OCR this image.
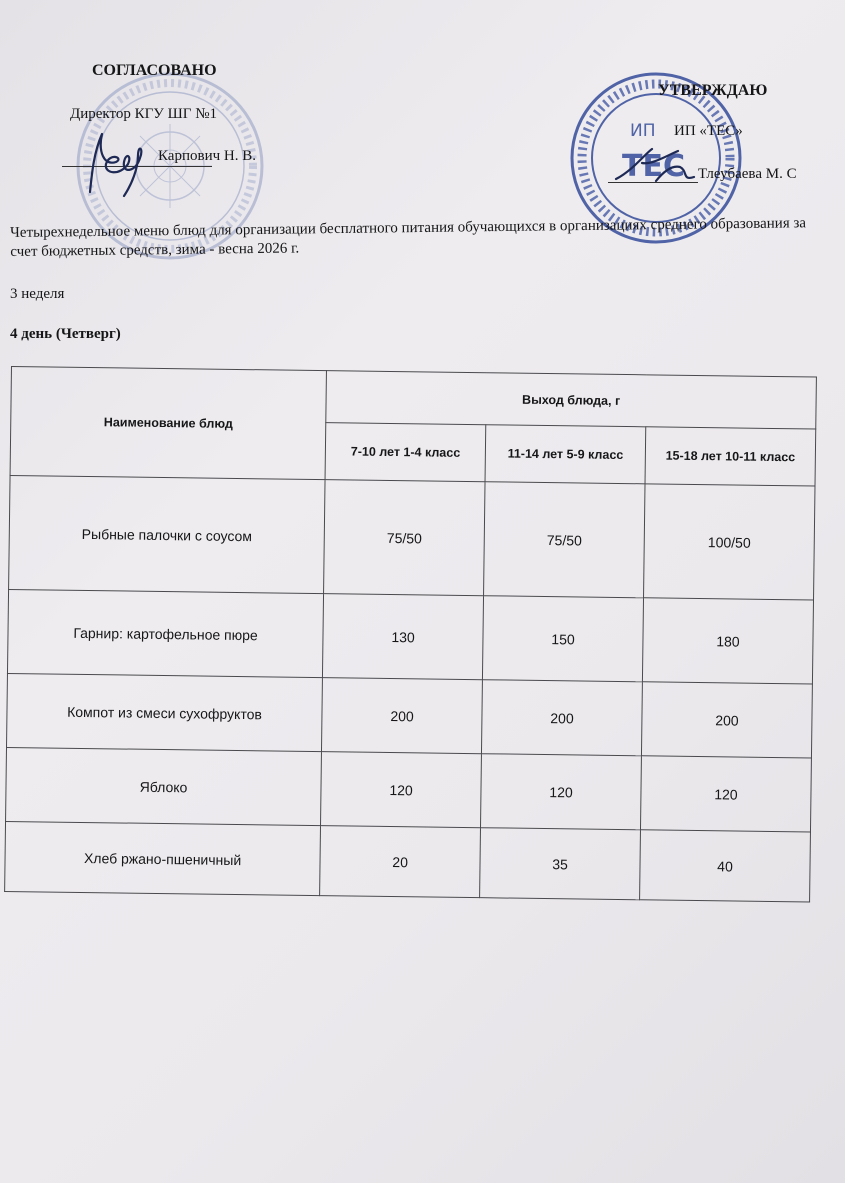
СОГЛАСОВАНО
Директор КГУ ШГ №1
Карпович Н. В.
ИП
ТЕС
УТВЕРЖДАЮ
ИП «ТЕС»
Тлеубаева М. С
Четырехнедельное меню блюд для организации бесплатного питания обучающихся в организациях среднего образования за счет бюджетных средств, зима - весна 2026 г.
3 неделя
4 день (Четверг)
Наименование блюд	Выход блюда, г		
	7-10 лет 1-4 класс	11-14 лет 5-9 класс	15-18 лет 10-11 класс
Рыбные палочки с соусом	75/50	75/50	100/50
Гарнир: картофельное пюре	130	150	180
Компот из смеси сухофруктов	200	200	200
Яблоко	120	120	120
Хлеб ржано-пшеничный	20	35	40
